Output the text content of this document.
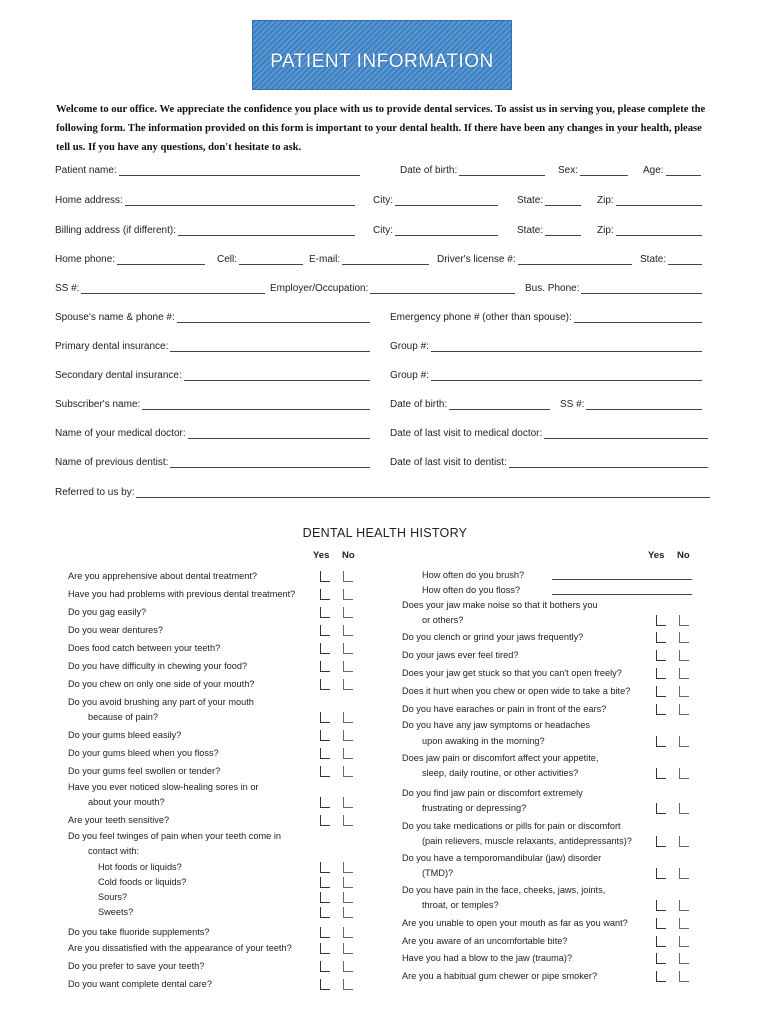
PATIENT INFORMATION
Welcome to our office. We appreciate the confidence you place with us to provide dental services. To assist us in serving you, please complete the following form. The information provided on this form is important to your dental health. If there have been any changes in your health, please tell us. If you have any questions, don't hesitate to ask.
Patient name:	Date of birth:	Sex:	Age:
Home address:	City:	State:	Zip:
Billing address (if different):	City:	State:	Zip:
Home phone:	Cell:	E-mail:	Driver's license #:	State:
SS #:	Employer/Occupation:	Bus. Phone:
Spouse's name & phone #:	Emergency phone # (other than spouse):
Primary dental insurance:	Group #:
Secondary dental insurance:	Group #:
Subscriber's name:	Date of birth:	SS #:
Name of your medical doctor:	Date of last visit to medical doctor:
Name of previous dentist:	Date of last visit to dentist:
Referred to us by:
DENTAL HEALTH HISTORY
Yes No	Yes No
Are you apprehensive about dental treatment?
Have you had problems with previous dental treatment?
Do you gag easily?
Do you wear dentures?
Does food catch between your teeth?
Do you have difficulty in chewing your food?
Do you chew on only one side of your mouth?
Do you avoid brushing any part of your mouth
because of pain?
Do your gums bleed easily?
Do your gums bleed when you floss?
Do your gums feel swollen or tender?
Have you ever noticed slow-healing sores in or
about your mouth?
Are your teeth sensitive?
Do you feel twinges of pain when your teeth come in
contact with:
Hot foods or liquids?
Cold foods or liquids?
Sours?
Sweets?
Do you take fluoride supplements?
Are you dissatisfied with the appearance of your teeth?
Do you prefer to save your teeth?
Do you want complete dental care?
How often do you brush?
How often do you floss?
Does your jaw make noise so that it bothers you
or others?
Do you clench or grind your jaws frequently?
Do your jaws ever feel tired?
Does your jaw get stuck so that you can't open freely?
Does it hurt when you chew or open wide to take a bite?
Do you have earaches or pain in front of the ears?
Do you have any jaw symptoms or headaches
upon awaking in the morning?
Does jaw pain or discomfort affect your appetite,
sleep, daily routine, or other activities?
Do you find jaw pain or discomfort extremely
frustrating or depressing?
Do you take medications or pills for pain or discomfort
(pain relievers, muscle relaxants, antidepressants)?
Do you have a temporomandibular (jaw) disorder
(TMD)?
Do you have pain in the face, cheeks, jaws, joints,
throat, or temples?
Are you unable to open your mouth as far as you want?
Are you aware of an uncomfortable bite?
Have you had a blow to the jaw (trauma)?
Are you a habitual gum chewer or pipe smoker?
